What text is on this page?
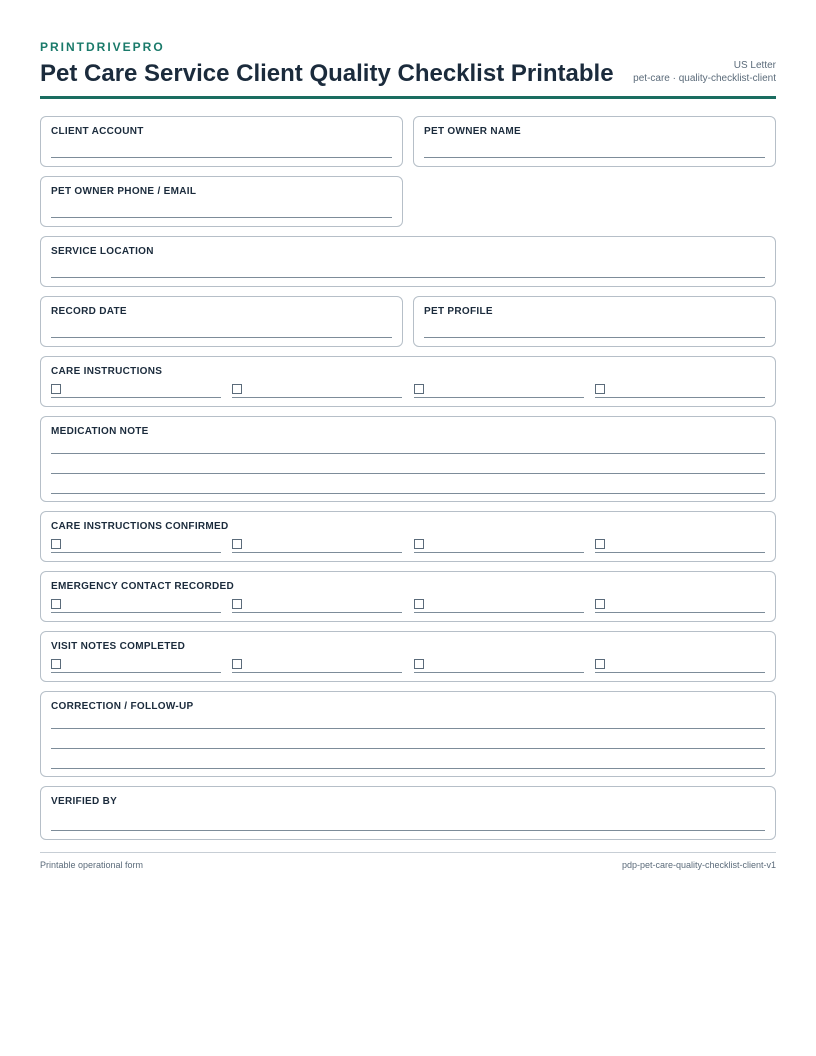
PRINTDRIVEPRO
Pet Care Service Client Quality Checklist Printable	US Letter
pet-care · quality-checklist-client
CLIENT ACCOUNT	PET OWNER NAME
PET OWNER PHONE / EMAIL
SERVICE LOCATION
RECORD DATE	PET PROFILE
CARE INSTRUCTIONS
MEDICATION NOTE
CARE INSTRUCTIONS CONFIRMED
EMERGENCY CONTACT RECORDED
VISIT NOTES COMPLETED
CORRECTION / FOLLOW-UP
VERIFIED BY
Printable operational form	pdp-pet-care-quality-checklist-client-v1
